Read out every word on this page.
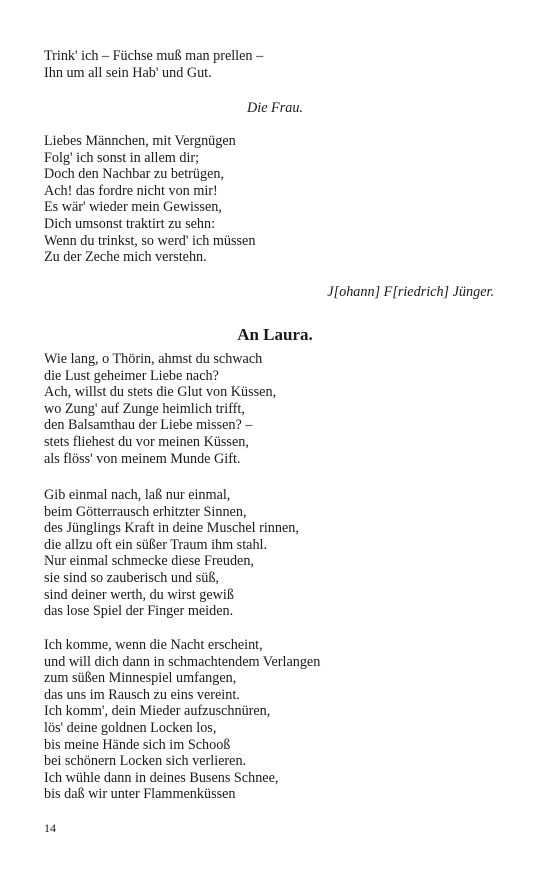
Trink' ich – Füchse muß man prellen –
Ihn um all sein Hab' und Gut.
Die Frau.
Liebes Männchen, mit Vergnügen
Folg' ich sonst in allem dir;
Doch den Nachbar zu betrügen,
Ach! das fordre nicht von mir!
Es wär' wieder mein Gewissen,
Dich umsonst traktirt zu sehn:
Wenn du trinkst, so werd' ich müssen
Zu der Zeche mich verstehn.
J[ohann] F[riedrich] Jünger.
An Laura.
Wie lang, o Thörin, ahmst du schwach
die Lust geheimer Liebe nach?
Ach, willst du stets die Glut von Küssen,
wo Zung' auf Zunge heimlich trifft,
den Balsamthau der Liebe missen? –
stets fliehest du vor meinen Küssen,
als flöss' von meinem Munde Gift.
Gib einmal nach, laß nur einmal,
beim Götterrausch erhitzter Sinnen,
des Jünglings Kraft in deine Muschel rinnen,
die allzu oft ein süßer Traum ihm stahl.
Nur einmal schmecke diese Freuden,
sie sind so zauberisch und süß,
sind deiner werth, du wirst gewiß
das lose Spiel der Finger meiden.
Ich komme, wenn die Nacht erscheint,
und will dich dann in schmachtendem Verlangen
zum süßen Minnespiel umfangen,
das uns im Rausch zu eins vereint.
Ich komm', dein Mieder aufzuschnüren,
lös' deine goldnen Locken los,
bis meine Hände sich im Schooß
bei schönern Locken sich verlieren.
Ich wühle dann in deines Busens Schnee,
bis daß wir unter Flammenküssen
14
